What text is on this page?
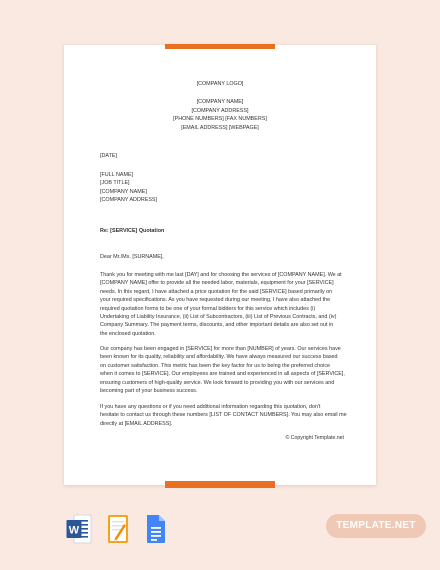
[COMPANY LOGO]
[COMPANY NAME]
[COMPANY ADDRESS]
[PHONE NUMBERS] [FAX NUMBERS]
[EMAIL ADDRESS] [WEBPAGE]
[DATE]
[FULL NAME]
[JOB TITLE]
[COMPANY NAME]
[COMPANY ADDRESS]
Re: [SERVICE] Quotation
Dear Mr./Ms. [SURNAME],
Thank you for meeting with me last [DAY] and for choosing the services of [COMPANY NAME]. We at
[COMPANY NAME] offer to provide all the needed labor, materials, equipment for your [SERVICE]
needs. In this regard, I have attached a price quotation for the said [SERVICE] based primarily on
your required specifications. As you have requested during our meeting, I have also attached the
required quotation forms to be one of your formal bidders for this service which includes (i)
Undertaking of Liability Insurance, (ii) List of Subcontractors, (iii) List of Previous Contracts, and (iv)
Company Summary. The payment terms, discounts, and other important details are also set out in
the enclosed quotation.
Our company has been engaged in [SERVICE] for more than [NUMBER] of years. Our services have
been known for its quality, reliability and affordability. We have always measured our success based
on customer satisfaction. This metric has been the key factor for us to being the preferred choice
when it comes to [SERVICE]. Our employees are trained and experienced in all aspects of [SERVICE],
ensuring customers of high-quality service. We look forward to providing you with our services and
becoming part of your business success.
If you have any questions or if you need additional information regarding this quotation, don't
hesitate to contact us through these numbers [LIST OF CONTACT NUMBERS]. You may also email me
directly at [EMAIL ADDRESS].
© Copyright Template.net
W	TEMPLATE.NET
